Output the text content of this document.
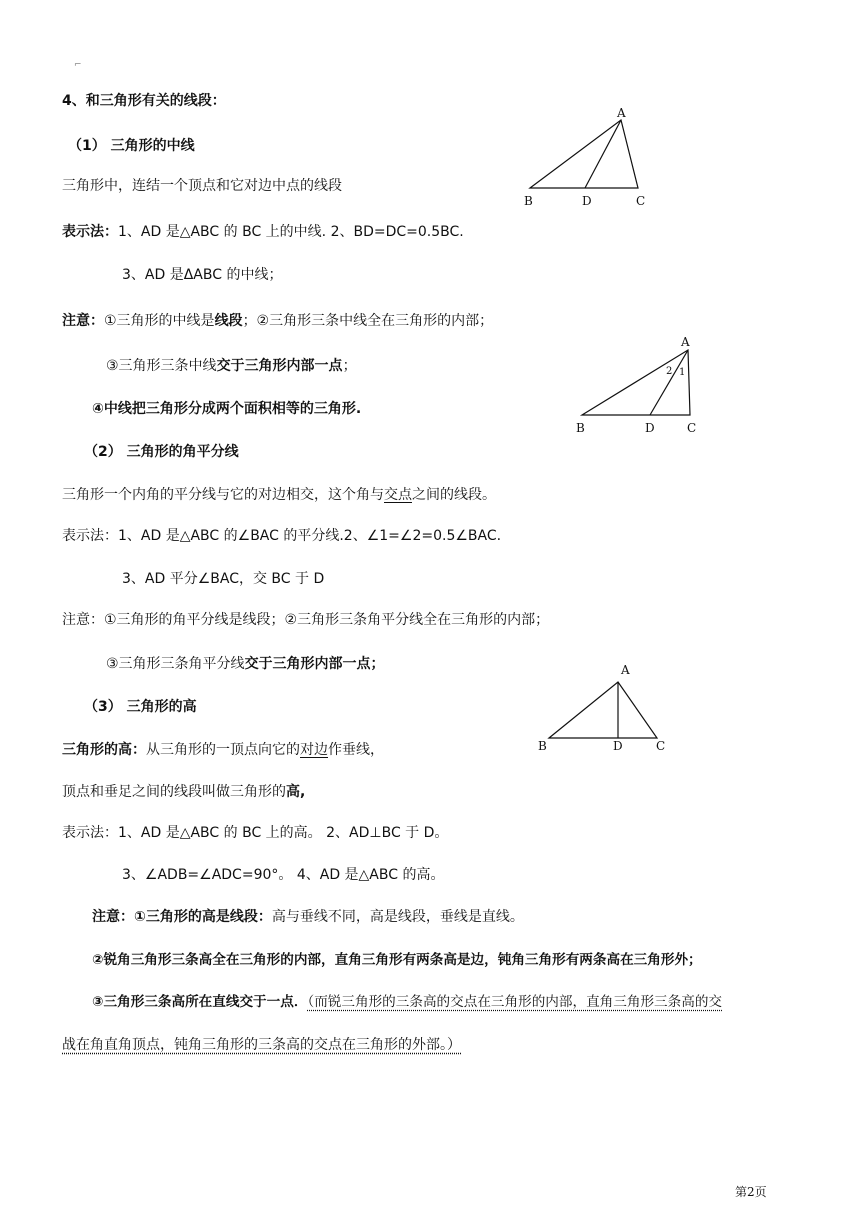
⌐
4、和三角形有关的线段：
（1） 三角形的中线
三角形中，连结一个顶点和它对边中点的线段
表示法：1、AD 是△ABC 的 BC 上的中线. 2、BD=DC=0.5BC.
3、AD 是ΔABC 的中线；
注意：①三角形的中线是线段；②三角形三条中线全在三角形的内部；
③三角形三条中线交于三角形内部一点；
④中线把三角形分成两个面积相等的三角形.
A
B	D	C
（2） 三角形的角平分线
三角形一个内角的平分线与它的对边相交，这个角与交点之间的线段。
表示法：1、AD 是△ABC 的∠BAC 的平分线.2、∠1=∠2=0.5∠BAC.
3、AD 平分∠BAC，交 BC 于 D
注意：①三角形的角平分线是线段；②三角形三条角平分线全在三角形的内部；
③三角形三条角平分线交于三角形内部一点；
A
2 1
B	D	C
（3） 三角形的高
三角形的高：从三角形的一顶点向它的对边作垂线，
顶点和垂足之间的线段叫做三角形的高,
表示法：1、AD 是△ABC 的 BC 上的高。 2、AD⊥BC 于 D。
3、∠ADB=∠ADC=90°。 4、AD 是△ABC 的高。
注意：①三角形的高是线段：高与垂线不同，高是线段，垂线是直线。
②锐角三角形三条高全在三角形的内部，直角三角形有两条高是边，钝角三角形有两条高在三角形外；
③三角形三条高所在直线交于一点．（而锐三角形的三条高的交点在三角形的内部，直角三角形三条高的交
战在角直角顶点，钝角三角形的三条高的交点在三角形的外部。）
A
B	D	C
第2页
